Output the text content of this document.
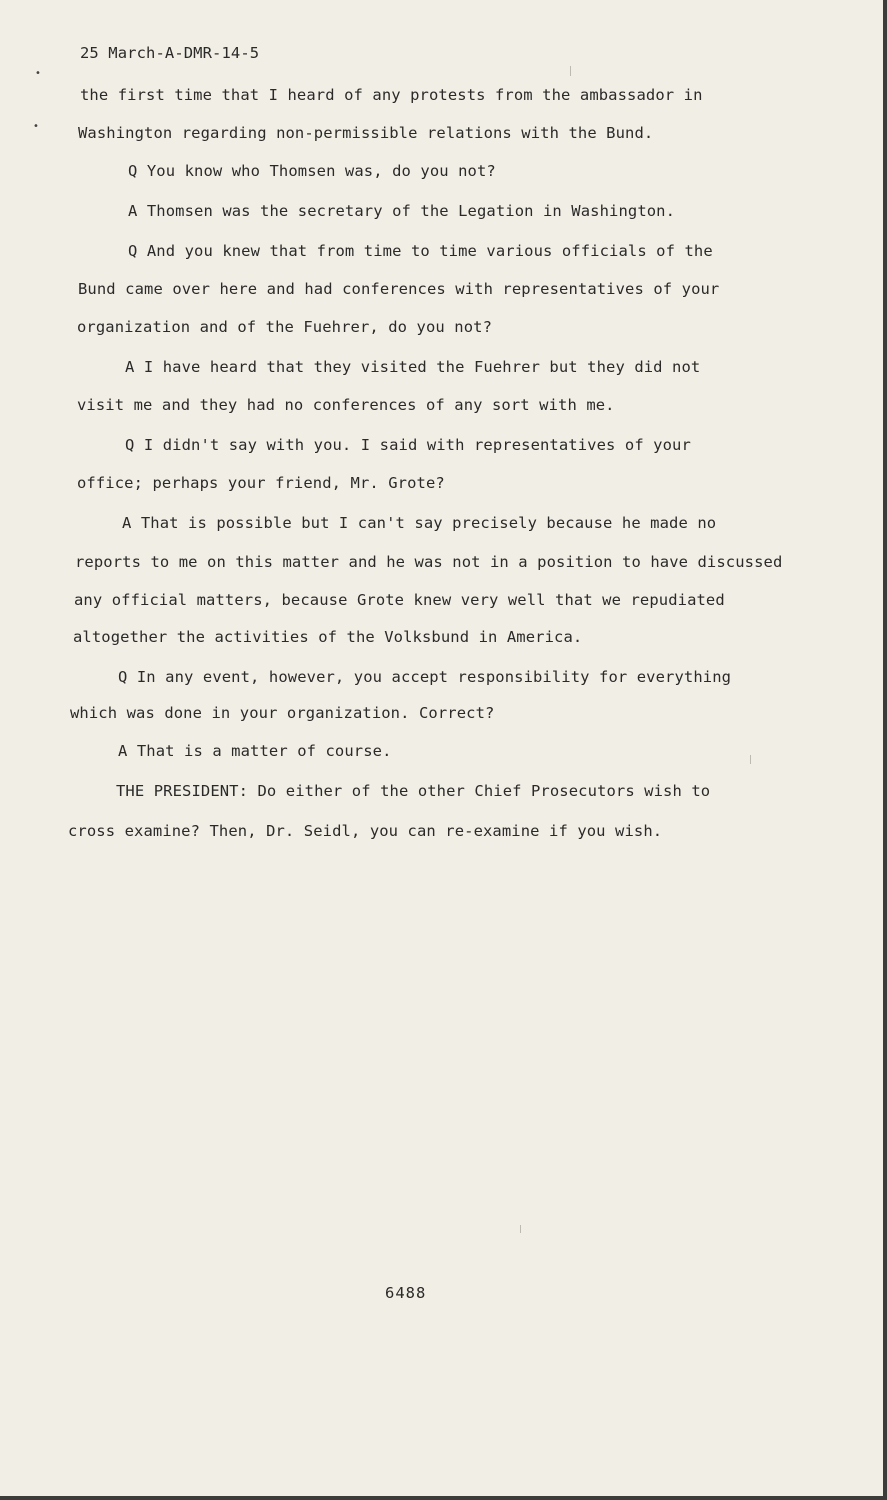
•
•
25 March-A-DMR-14-5
the first time that I heard of any protests from the ambassador in
Washington regarding non-permissible relations with the Bund.
Q You know who Thomsen was, do you not?
A Thomsen was the secretary of the Legation in Washington.
Q And you knew that from time to time various officials of the
Bund came over here and had conferences with representatives of your
organization and of the Fuehrer, do you not?
A I have heard that they visited the Fuehrer but they did not
visit me and they had no conferences of any sort with me.
Q I didn't say with you. I said with representatives of your
office; perhaps your friend, Mr. Grote?
A That is possible but I can't say precisely because he made no
reports to me on this matter and he was not in a position to have discussed
any official matters, because Grote knew very well that we repudiated
altogether the activities of the Volksbund in America.
Q In any event, however, you accept responsibility for everything
which was done in your organization. Correct?
A That is a matter of course.
THE PRESIDENT: Do either of the other Chief Prosecutors wish to
cross examine? Then, Dr. Seidl, you can re-examine if you wish.
6488
